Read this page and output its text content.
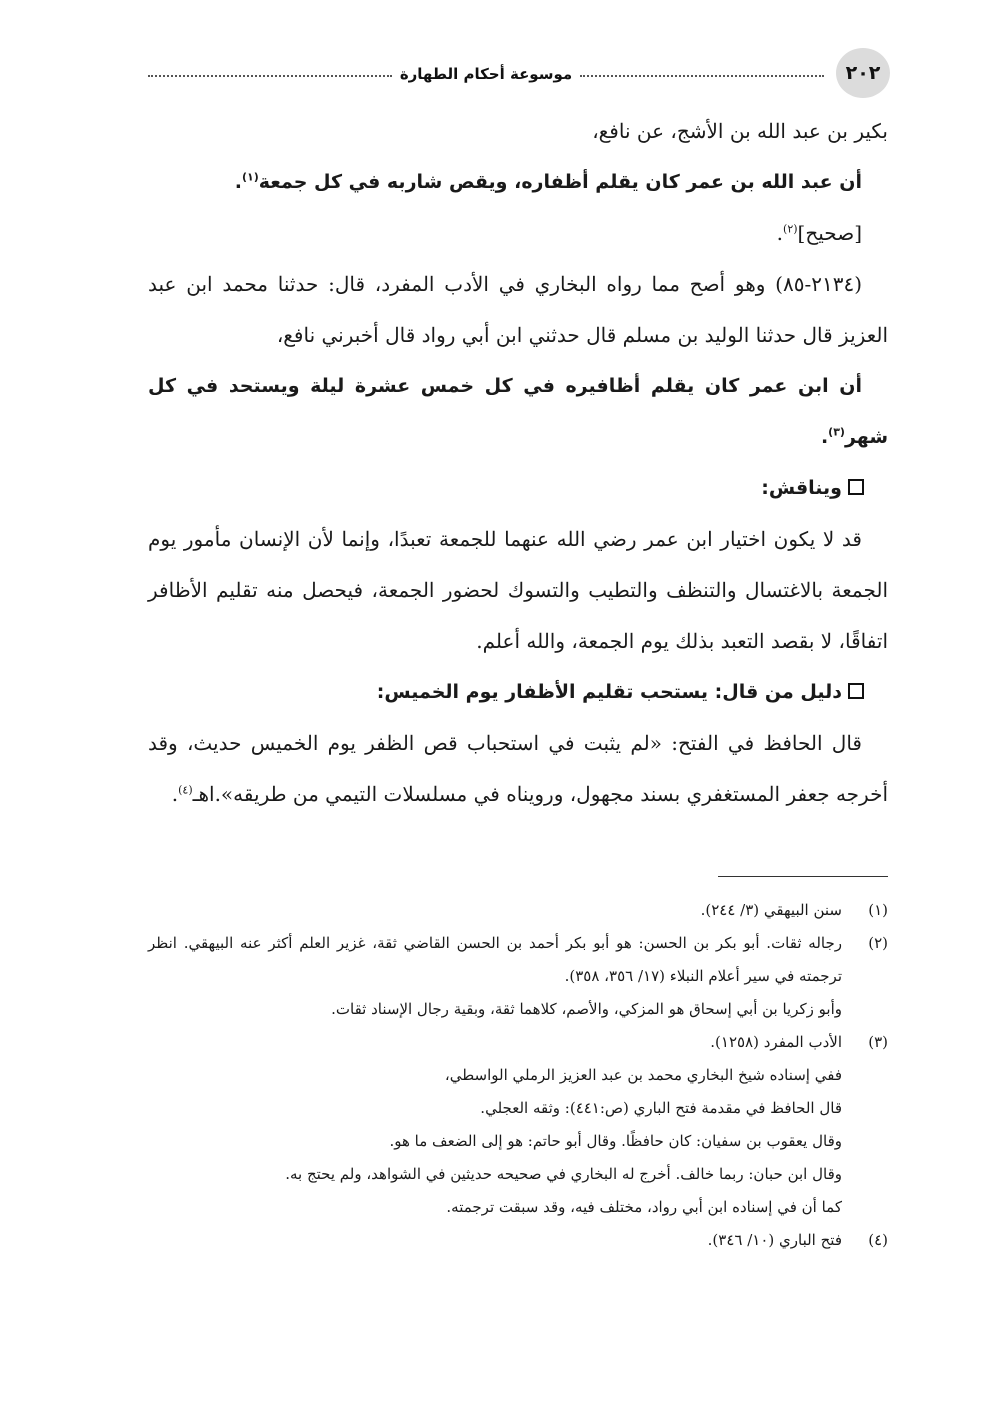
٢٠٢
موسوعة أحكام الطهارة

بكير بن عبد الله بن الأشج، عن نافع،

أن عبد الله بن عمر كان يقلم أظفاره، ويقص شاربه في كل جمعة$^{(١)}$.

[صحيح]$^{(٢)}$.

(٢١٣٤-٨٥) وهو أصح مما رواه البخاري في الأدب المفرد، قال: حدثنا محمد ابن عبد العزيز قال حدثنا الوليد بن مسلم قال حدثني ابن أبي رواد قال أخبرني نافع،

أن ابن عمر كان يقلم أظافيره في كل خمس عشرة ليلة ويستحد في كل شهر$^{(٣)}$.

ويناقش:

قد لا يكون اختيار ابن عمر رضي الله عنهما للجمعة تعبدًا، وإنما لأن الإنسان مأمور يوم الجمعة بالاغتسال والتنظف والتطيب والتسوك لحضور الجمعة، فيحصل منه تقليم الأظافر اتفاقًا، لا بقصد التعبد بذلك يوم الجمعة، والله أعلم.

دليل من قال: يستحب تقليم الأظفار يوم الخميس:

قال الحافظ في الفتح: «لم يثبت في استحباب قص الظفر يوم الخميس حديث، وقد أخرجه جعفر المستغفري بسند مجهول، ورويناه في مسلسلات التيمي من طريقه».اهـ$^{(٤)}$.

(١)
سنن البيهقي (٣/ ٢٤٤).
(٢)
رجاله ثقات. أبو بكر بن الحسن: هو أبو بكر أحمد بن الحسن القاضي ثقة، غزير العلم أكثر عنه البيهقي. انظر ترجمته في سير أعلام النبلاء (١٧/ ٣٥٦، ٣٥٨).
وأبو زكريا بن أبي إسحاق هو المزكي، والأصم، كلاهما ثقة، وبقية رجال الإسناد ثقات.
(٣)
الأدب المفرد (١٢٥٨).
ففي إسناده شيخ البخاري محمد بن عبد العزيز الرملي الواسطي،
قال الحافظ في مقدمة فتح الباري (ص:٤٤١): وثقه العجلي.
وقال يعقوب بن سفيان: كان حافظًا. وقال أبو حاتم: هو إلى الضعف ما هو.
وقال ابن حبان: ربما خالف. أخرج له البخاري في صحيحه حديثين في الشواهد، ولم يحتج به.
كما أن في إسناده ابن أبي رواد، مختلف فيه، وقد سبقت ترجمته.
(٤)
فتح الباري (١٠/ ٣٤٦).
